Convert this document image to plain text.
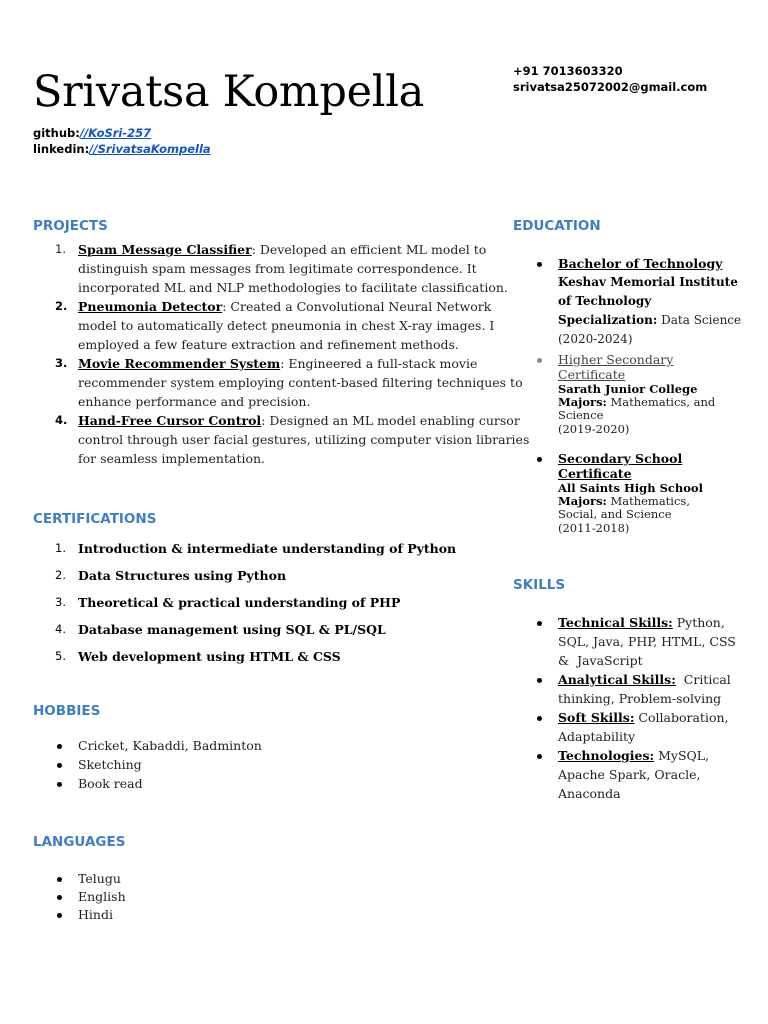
Srivatsa Kompella	+91 7013603320
srivatsa25072002@gmail.com
github://KoSri-257
linkedin://SrivatsaKompella
PROJECTS
1. Spam Message Classifier: Developed an efficient ML model to
distinguish spam messages from legitimate correspondence. It
incorporated ML and NLP methodologies to facilitate classification.
2. Pneumonia Detector: Created a Convolutional Neural Network
model to automatically detect pneumonia in chest X-ray images. I
employed a few feature extraction and refinement methods.
3. Movie Recommender System: Engineered a full-stack movie
recommender system employing content-based filtering techniques to
enhance performance and precision.
4. Hand-Free Cursor Control: Designed an ML model enabling cursor
control through user facial gestures, utilizing computer vision libraries
for seamless implementation.
CERTIFICATIONS
1. Introduction & intermediate understanding of Python
2. Data Structures using Python
3. Theoretical & practical understanding of PHP
4. Database management using SQL & PL/SQL
5. Web development using HTML & CSS
HOBBIES
Cricket, Kabaddi, Badminton
Sketching
Book read
LANGUAGES
Telugu
English
Hindi
EDUCATION
Bachelor of Technology
Keshav Memorial Institute
of Technology
Specialization: Data Science
(2020-2024)
Higher Secondary
Certificate
Sarath Junior College
Majors: Mathematics, and
Science
(2019-2020)
Secondary School
Certificate
All Saints High School
Majors: Mathematics,
Social, and Science
(2011-2018)
SKILLS
Technical Skills: Python,
SQL, Java, PHP, HTML, CSS
&  JavaScript
Analytical Skills:  Critical
thinking, Problem-solving
Soft Skills: Collaboration,
Adaptability
Technologies: MySQL,
Apache Spark, Oracle,
Anaconda
